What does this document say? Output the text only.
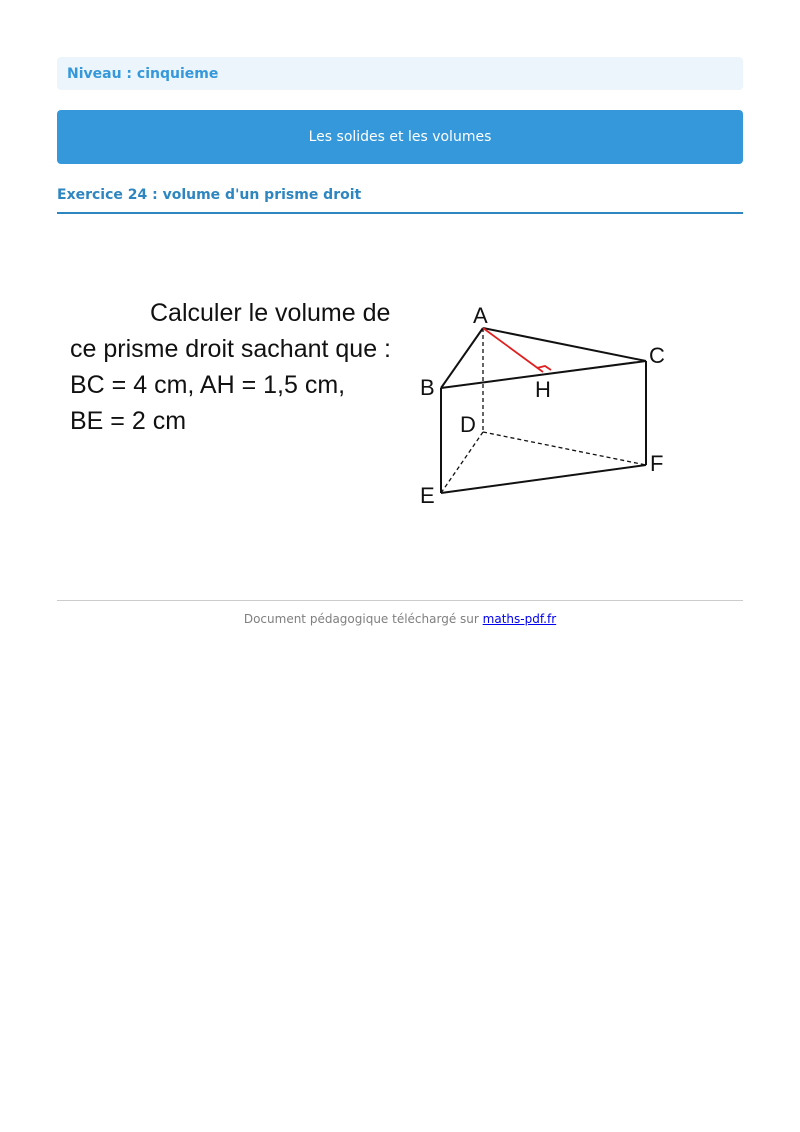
Niveau : cinquieme
Les solides et les volumes
Exercice 24 : volume d'un prisme droit
Calculer le volume de
ce prisme droit sachant que :
BC = 4 cm, AH = 1,5 cm,
BE = 2 cm
A
B
C
D
E
F
H
Document pédagogique téléchargé sur maths-pdf.fr
